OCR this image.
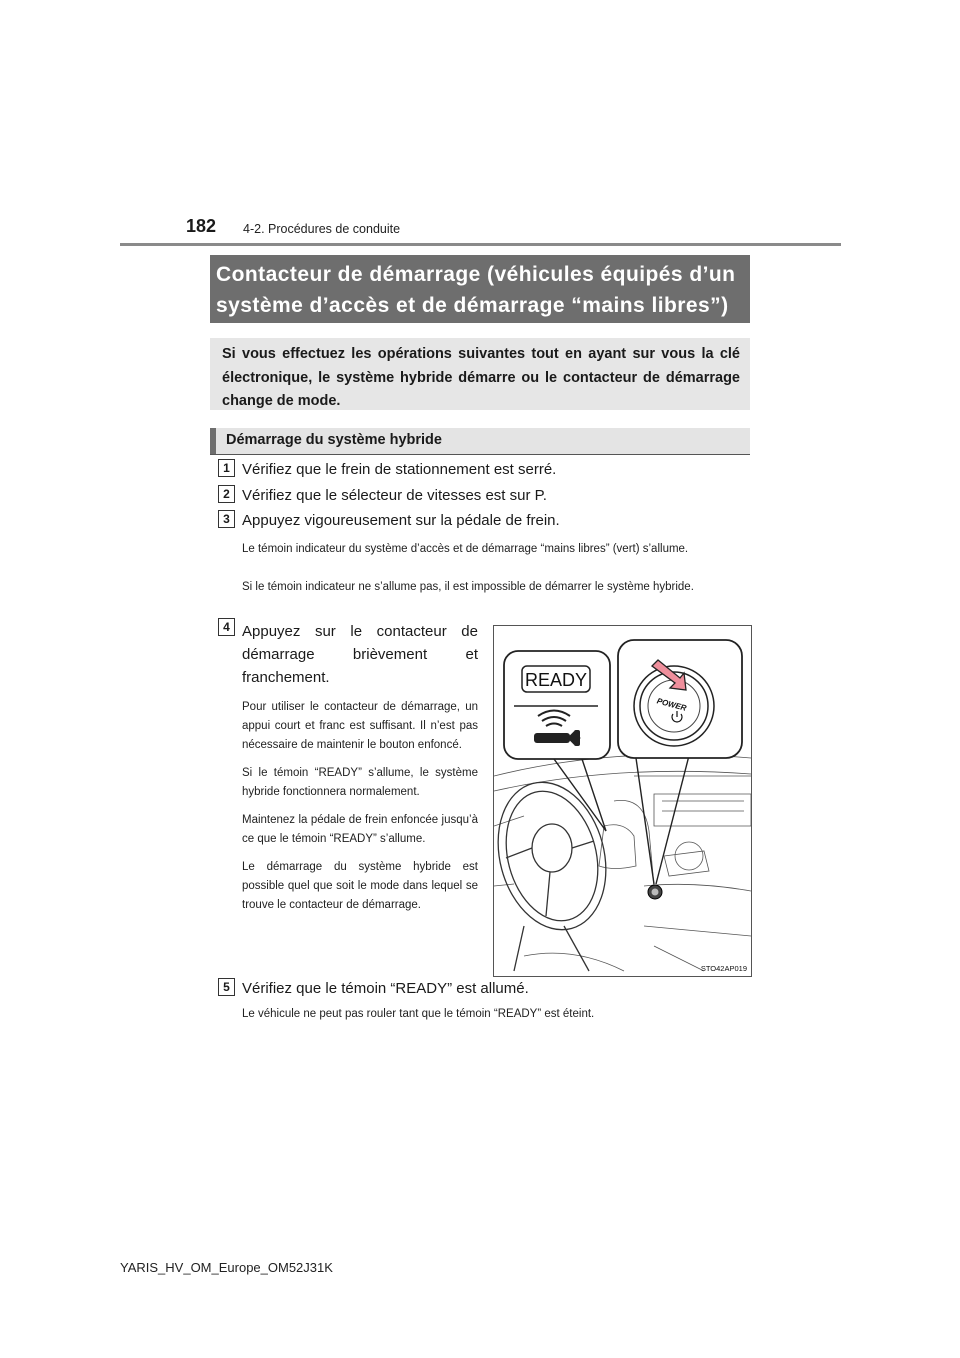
182 4-2. Procédures de conduite
Contacteur de démarrage (véhicules équipés d’un
système d’accès et de démarrage “mains libres”)
Si vous effectuez les opérations suivantes tout en ayant sur vous la clé électronique, le système hybride démarre ou le contacteur de démarrage change de mode.
Démarrage du système hybride
1 Vérifiez que le frein de stationnement est serré.
2 Vérifiez que le sélecteur de vitesses est sur P.
3 Appuyez vigoureusement sur la pédale de frein.
Le témoin indicateur du système d’accès et de démarrage “mains libres” (vert) s’allume.
Si le témoin indicateur ne s’allume pas, il est impossible de démarrer le système hybride.
4 Appuyez sur le contacteur de démarrage brièvement et franchement.
Pour utiliser le contacteur de démarrage, un appui court et franc est suffisant. Il n’est pas nécessaire de maintenir le bouton enfoncé.
Si le témoin “READY” s’allume, le système hybride fonctionnera normalement.
Maintenez la pédale de frein enfoncée jusqu’à ce que le témoin “READY” s’allume.
Le démarrage du système hybride est possible quel que soit le mode dans lequel se trouve le contacteur de démarrage.
READY
POWER
STO42AP019
5 Vérifiez que le témoin “READY” est allumé.
Le véhicule ne peut pas rouler tant que le témoin “READY” est éteint.
YARIS_HV_OM_Europe_OM52J31K
